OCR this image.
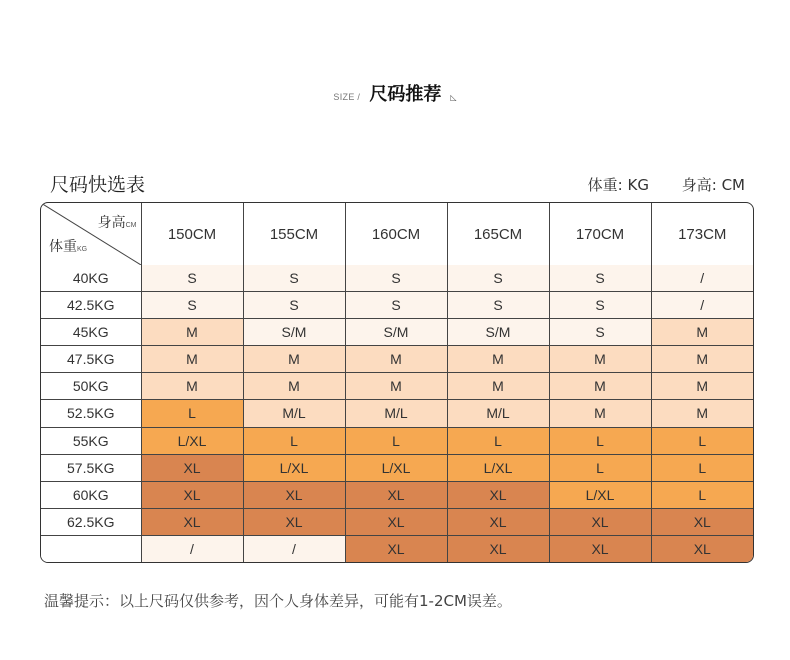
SIZE / 尺码推荐 ◺
尺码快选表	体重: KG 身高: CM
身高CM
体重KG	150CM	155CM	160CM	165CM	170CM	173CM
40KG	S	S	S	S	S	/
42.5KG	S	S	S	S	S	/
45KG	M	S/M	S/M	S/M	S	M
47.5KG	M	M	M	M	M	M
50KG	M	M	M	M	M	M
52.5KG	L	M/L	M/L	M/L	M	M
55KG	L/XL	L	L	L	L	L
57.5KG	XL	L/XL	L/XL	L/XL	L	L
60KG	XL	XL	XL	XL	L/XL	L
62.5KG	XL	XL	XL	XL	XL	XL
	/	/	XL	XL	XL	XL
温馨提示：以上尺码仅供参考，因个人身体差异，可能有1-2CM误差。
